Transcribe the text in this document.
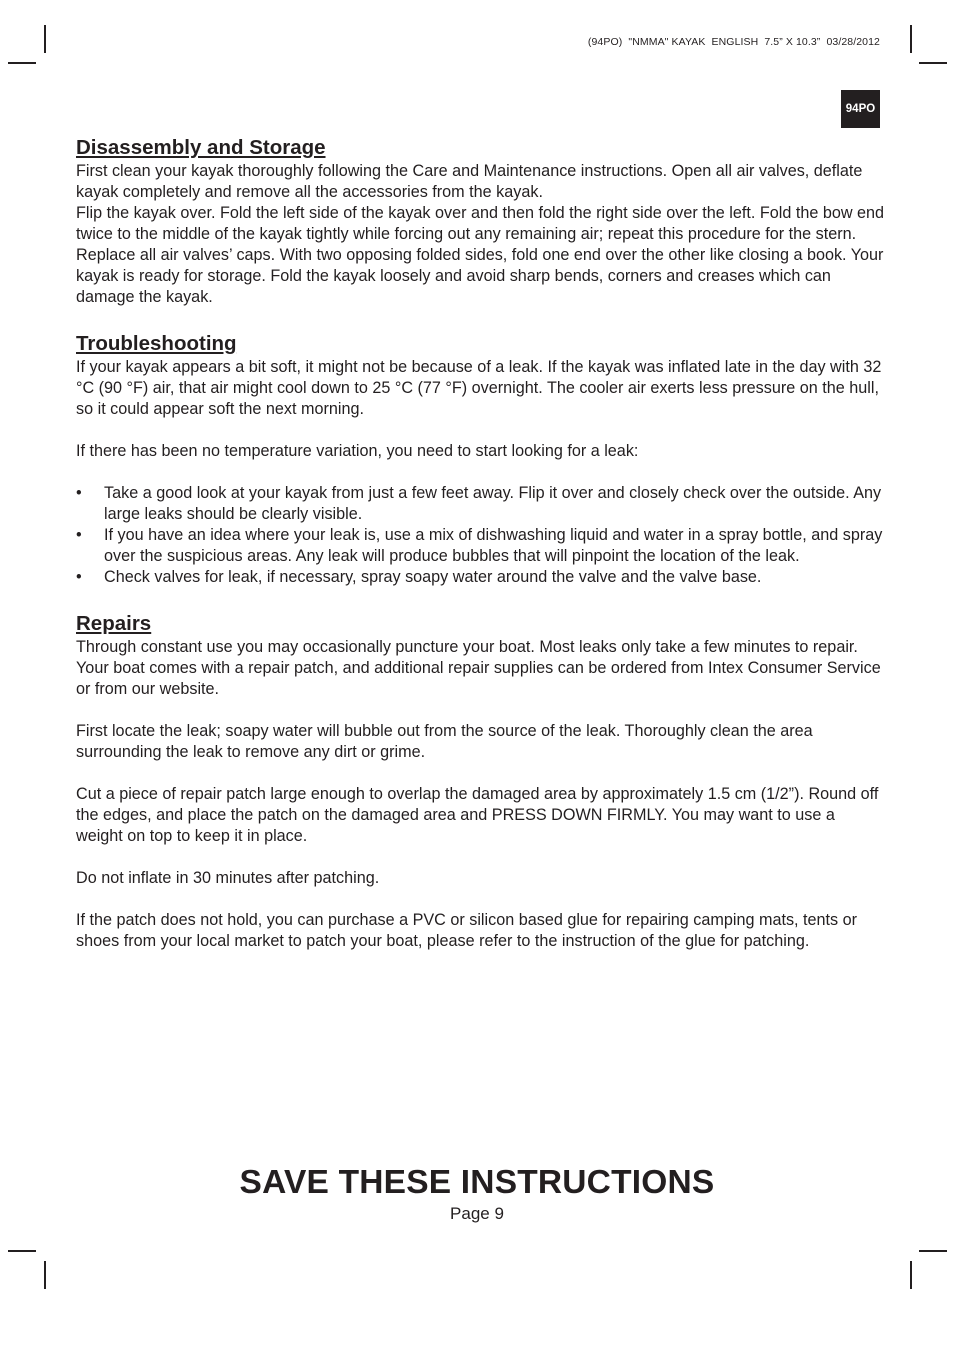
(94PO)  "NMMA" KAYAK  ENGLISH  7.5” X 10.3”  03/28/2012
94PO
Disassembly and Storage

First clean your kayak thoroughly following the Care and Maintenance instructions. Open all air valves, deflate kayak completely and remove all the accessories from the kayak.

Flip the kayak over. Fold the left side of the kayak over and then fold the right side over the left. Fold the bow end twice to the middle of the kayak tightly while forcing out any remaining air; repeat this procedure for the stern. Replace all air valves’ caps. With two opposing folded sides, fold one end over the other like closing a book. Your kayak is ready for storage. Fold the kayak loosely and avoid sharp bends, corners and creases which can damage the kayak.

Troubleshooting

If your kayak appears a bit soft, it might not be because of a leak. If the kayak was inflated late in the day with 32 °C (90 °F) air, that air might cool down to 25 °C (77 °F) overnight. The cooler air exerts less pressure on the hull, so it could appear soft the next morning.

If there has been no temperature variation, you need to start looking for a leak:

• Take a good look at your kayak from just a few feet away. Flip it over and closely check over the outside. Any large leaks should be clearly visible.
• If you have an idea where your leak is, use a mix of dishwashing liquid and water in a spray bottle, and spray over the suspicious areas. Any leak will produce bubbles that will pinpoint the location of the leak.
• Check valves for leak, if necessary, spray soapy water around the valve and the valve base.
Repairs

Through constant use you may occasionally puncture your boat. Most leaks only take a few minutes to repair. Your boat comes with a repair patch, and additional repair supplies can be ordered from Intex Consumer Service or from our website.

First locate the leak; soapy water will bubble out from the source of the leak. Thoroughly clean the area surrounding the leak to remove any dirt or grime.

Cut a piece of repair patch large enough to overlap the damaged area by approximately 1.5 cm (1/2”). Round off the edges, and place the patch on the damaged area and PRESS DOWN FIRMLY. You may want to use a weight on top to keep it in place.

Do not inflate in 30 minutes after patching.

If the patch does not hold, you can purchase a PVC or silicon based glue for repairing camping mats, tents or shoes from your local market to patch your boat, please refer to the instruction of the glue for patching.

SAVE THESE INSTRUCTIONS
Page 9
